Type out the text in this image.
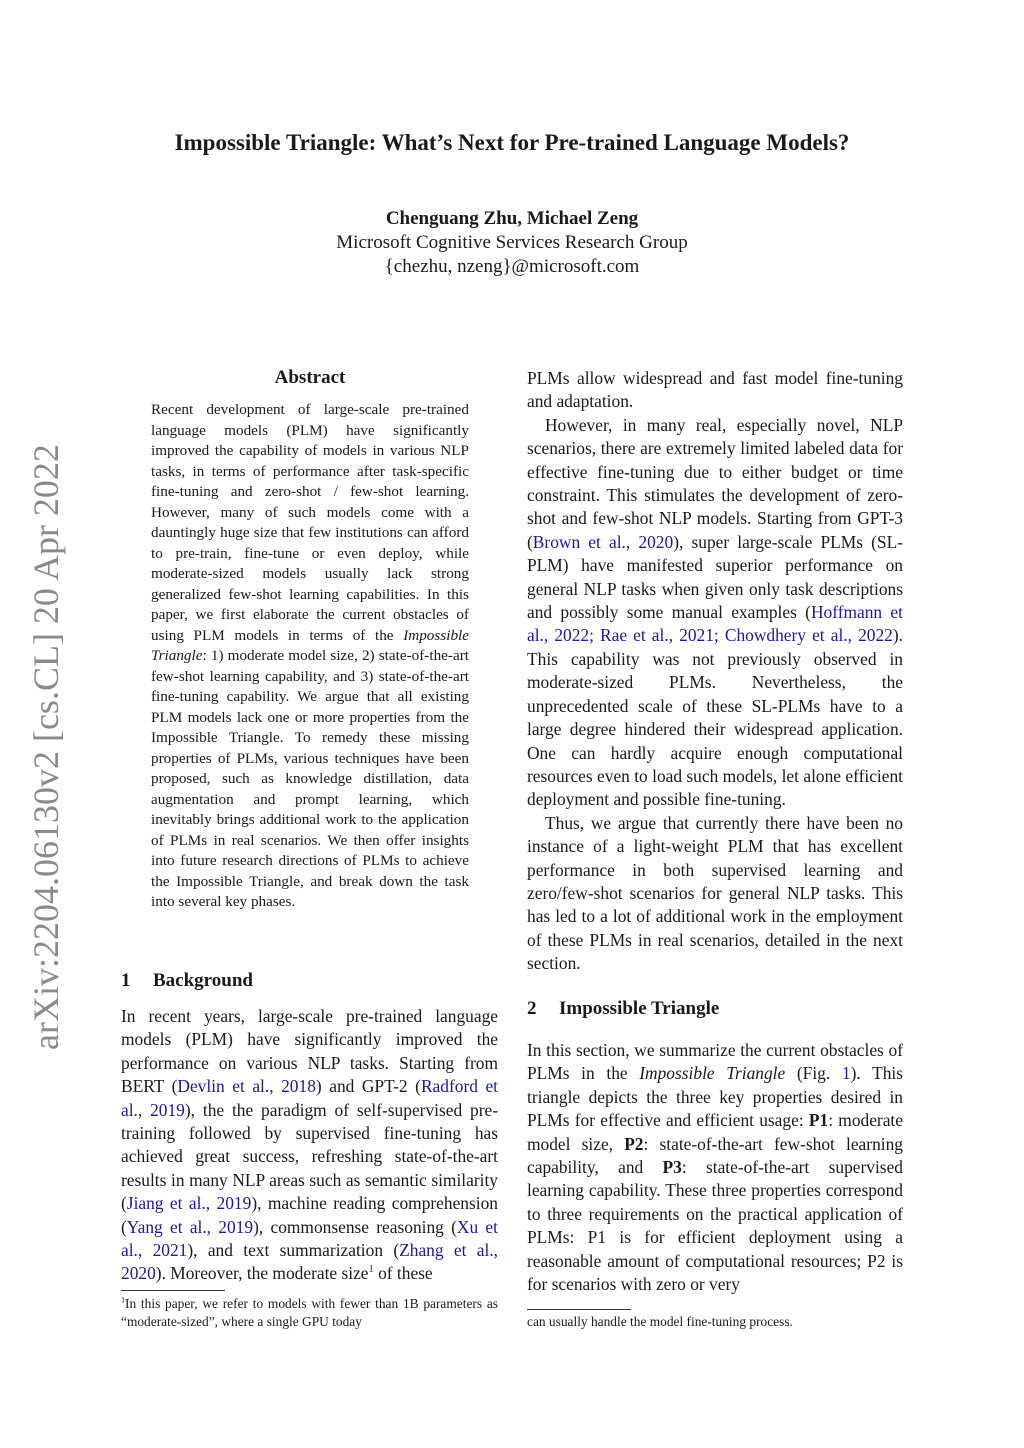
Impossible Triangle: What’s Next for Pre-trained Language Models?
Chenguang Zhu, Michael Zeng
Microsoft Cognitive Services Research Group
{chezhu, nzeng}@microsoft.com
arXiv:2204.06130v2 [cs.CL] 20 Apr 2022
Abstract

Recent development of large-scale pre-trained language models (PLM) have significantly improved the capability of models in various NLP tasks, in terms of performance after task-specific fine-tuning and zero-shot / few-shot learning. However, many of such models come with a dauntingly huge size that few institutions can afford to pre-train, fine-tune or even deploy, while moderate-sized models usually lack strong generalized few-shot learning capabilities. In this paper, we first elaborate the current obstacles of using PLM models in terms of the Impossible Triangle: 1) moderate model size, 2) state-of-the-art few-shot learning capability, and 3) state-of-the-art fine-tuning capability. We argue that all existing PLM models lack one or more properties from the Impossible Triangle. To remedy these missing properties of PLMs, various techniques have been proposed, such as knowledge distillation, data augmentation and prompt learning, which inevitably brings additional work to the application of PLMs in real scenarios. We then offer insights into future research directions of PLMs to achieve the Impossible Triangle, and break down the task into several key phases.

1 Background

In recent years, large-scale pre-trained language models (PLM) have significantly improved the performance on various NLP tasks. Starting from BERT (Devlin et al., 2018) and GPT-2 (Radford et al., 2019), the the paradigm of self-supervised pre-training followed by supervised fine-tuning has achieved great success, refreshing state-of-the-art results in many NLP areas such as semantic similarity (Jiang et al., 2019), machine reading comprehension (Yang et al., 2019), commonsense reasoning (Xu et al., 2021), and text summarization (Zhang et al., 2020). Moreover, the moderate size$^1$ of these

$^1$In this paper, we refer to models with fewer than 1B parameters as “moderate-sized”, where a single GPU today

PLMs allow widespread and fast model fine-tuning and adaptation.

However, in many real, especially novel, NLP scenarios, there are extremely limited labeled data for effective fine-tuning due to either budget or time constraint. This stimulates the development of zero-shot and few-shot NLP models. Starting from GPT-3 (Brown et al., 2020), super large-scale PLMs (SL-PLM) have manifested superior performance on general NLP tasks when given only task descriptions and possibly some manual examples (Hoffmann et al., 2022; Rae et al., 2021; Chowdhery et al., 2022). This capability was not previously observed in moderate-sized PLMs. Nevertheless, the unprecedented scale of these SL-PLMs have to a large degree hindered their widespread application. One can hardly acquire enough computational resources even to load such models, let alone efficient deployment and possible fine-tuning.

Thus, we argue that currently there have been no instance of a light-weight PLM that has excellent performance in both supervised learning and zero/few-shot scenarios for general NLP tasks. This has led to a lot of additional work in the employment of these PLMs in real scenarios, detailed in the next section.

2 Impossible Triangle

In this section, we summarize the current obstacles of PLMs in the Impossible Triangle (Fig. 1). This triangle depicts the three key properties desired in PLMs for effective and efficient usage: P1: moderate model size, P2: state-of-the-art few-shot learning capability, and P3: state-of-the-art supervised learning capability. These three properties correspond to three requirements on the practical application of PLMs: P1 is for efficient deployment using a reasonable amount of computational resources; P2 is for scenarios with zero or very

can usually handle the model fine-tuning process.
